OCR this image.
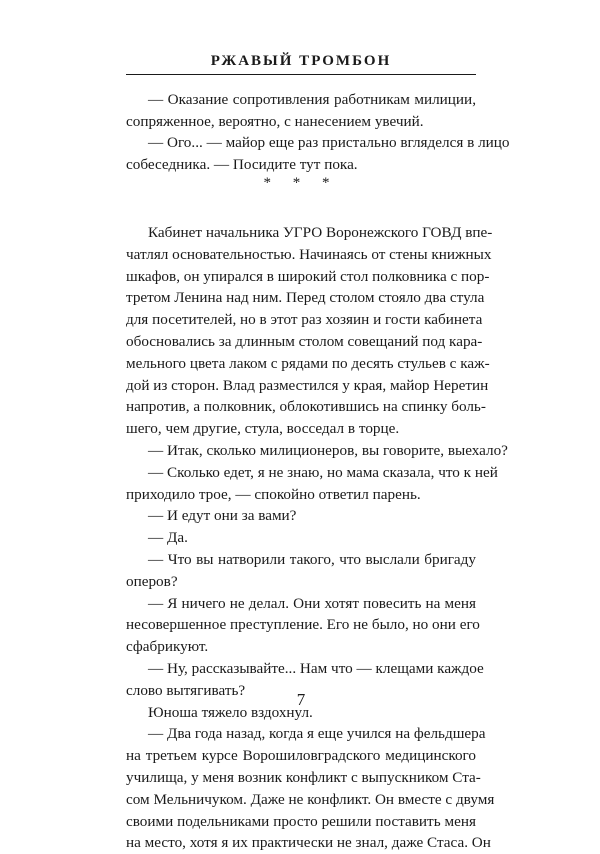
РЖАВЫЙ ТРОМБОН
— Оказание сопротивления работникам милиции,
сопряженное, вероятно, с нанесением увечий.
— Ого... — майор еще раз пристально вгляделся в лицо
собеседника. — Посидите тут пока.
* * *
Кабинет начальника УГРО Воронежского ГОВД впе-
чатлял основательностью. Начинаясь от стены книжных
шкафов, он упирался в широкий стол полковника с пор-
третом Ленина над ним. Перед столом стояло два стула
для посетителей, но в этот раз хозяин и гости кабинета
обосновались за длинным столом совещаний под кара-
мельного цвета лаком с рядами по десять стульев с каж-
дой из сторон. Влад разместился у края, майор Неретин
напротив, а полковник, облокотившись на спинку боль-
шего, чем другие, стула, восседал в торце.
— Итак, сколько милиционеров, вы говорите, выехало?
— Сколько едет, я не знаю, но мама сказала, что к ней
приходило трое, — спокойно ответил парень.
— И едут они за вами?
— Да.
— Что вы натворили такого, что выслали бригаду
оперов?
— Я ничего не делал. Они хотят повесить на меня
несовершенное преступление. Его не было, но они его
сфабрикуют.
— Ну, рассказывайте... Нам что — клещами каждое
слово вытягивать?
Юноша тяжело вздохнул.
— Два года назад, когда я еще учился на фельдшера
на третьем курсе Ворошиловградского медицинского
училища, у меня возник конфликт с выпускником Ста-
сом Мельничуком. Даже не конфликт. Он вместе с двумя
своими подельниками просто решили поставить меня
на место, хотя я их практически не знал, даже Стаса. Он
7
